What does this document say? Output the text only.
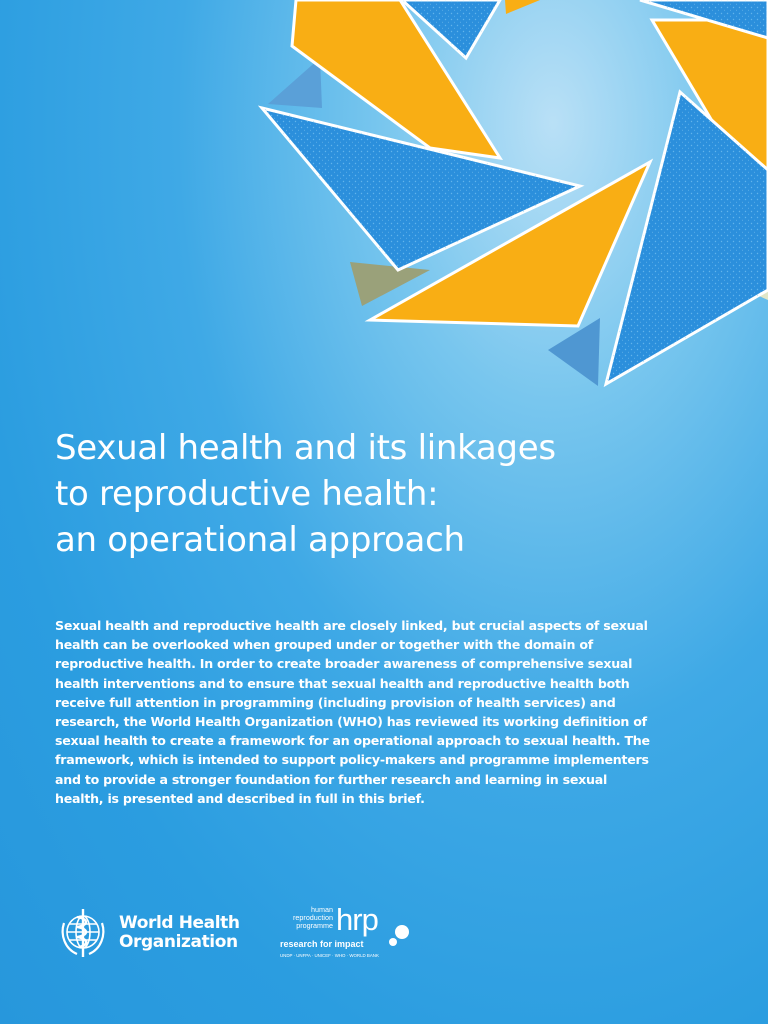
Sexual health and its linkages
to reproductive health:
an operational approach
Sexual health and reproductive health are closely linked, but crucial aspects of sexual
health can be overlooked when grouped under or together with the domain of
reproductive health. In order to create broader awareness of comprehensive sexual
health interventions and to ensure that sexual health and reproductive health both
receive full attention in programming (including provision of health services) and
research, the World Health Organization (WHO) has reviewed its working definition of
sexual health to create a framework for an operational approach to sexual health. The
framework, which is intended to support policy-makers and programme implementers
and to provide a stronger foundation for further research and learning in sexual
health, is presented and described in full in this brief.
World Health
Organization
human
reproduction
programme hrp
research for impact
UNDP · UNFPA · UNICEF · WHO · WORLD BANK
